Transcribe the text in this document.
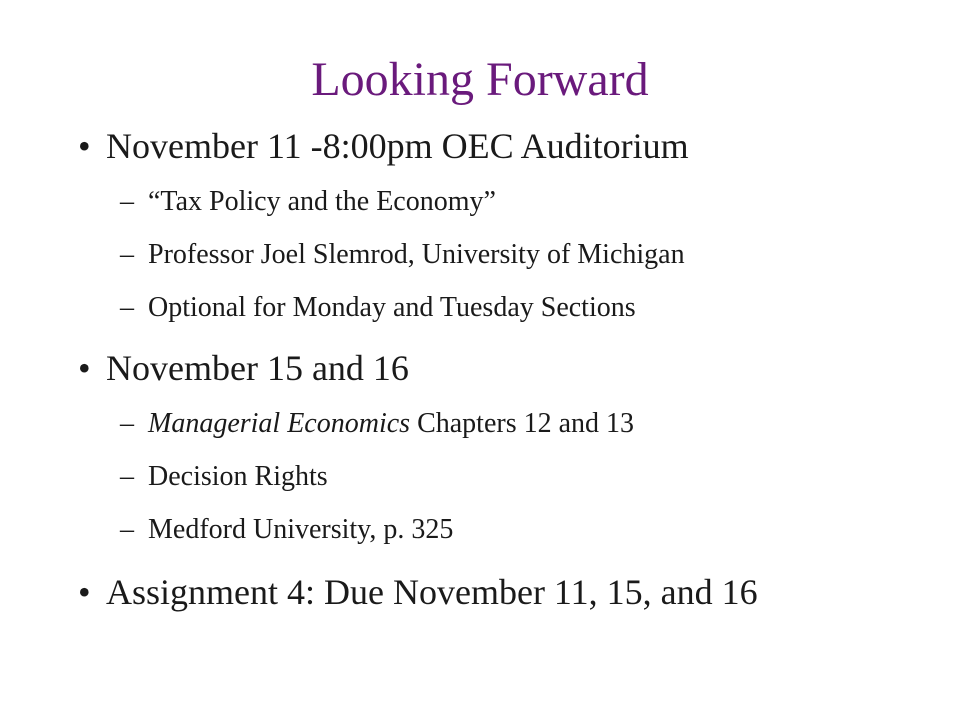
Looking Forward
• November 11 -8:00pm OEC Auditorium
– “Tax Policy and the Economy”
– Professor Joel Slemrod, University of Michigan
– Optional for Monday and Tuesday Sections
• November 15 and 16
– Managerial Economics Chapters 12 and 13
– Decision Rights
– Medford University, p. 325
• Assignment 4: Due November 11, 15, and 16
